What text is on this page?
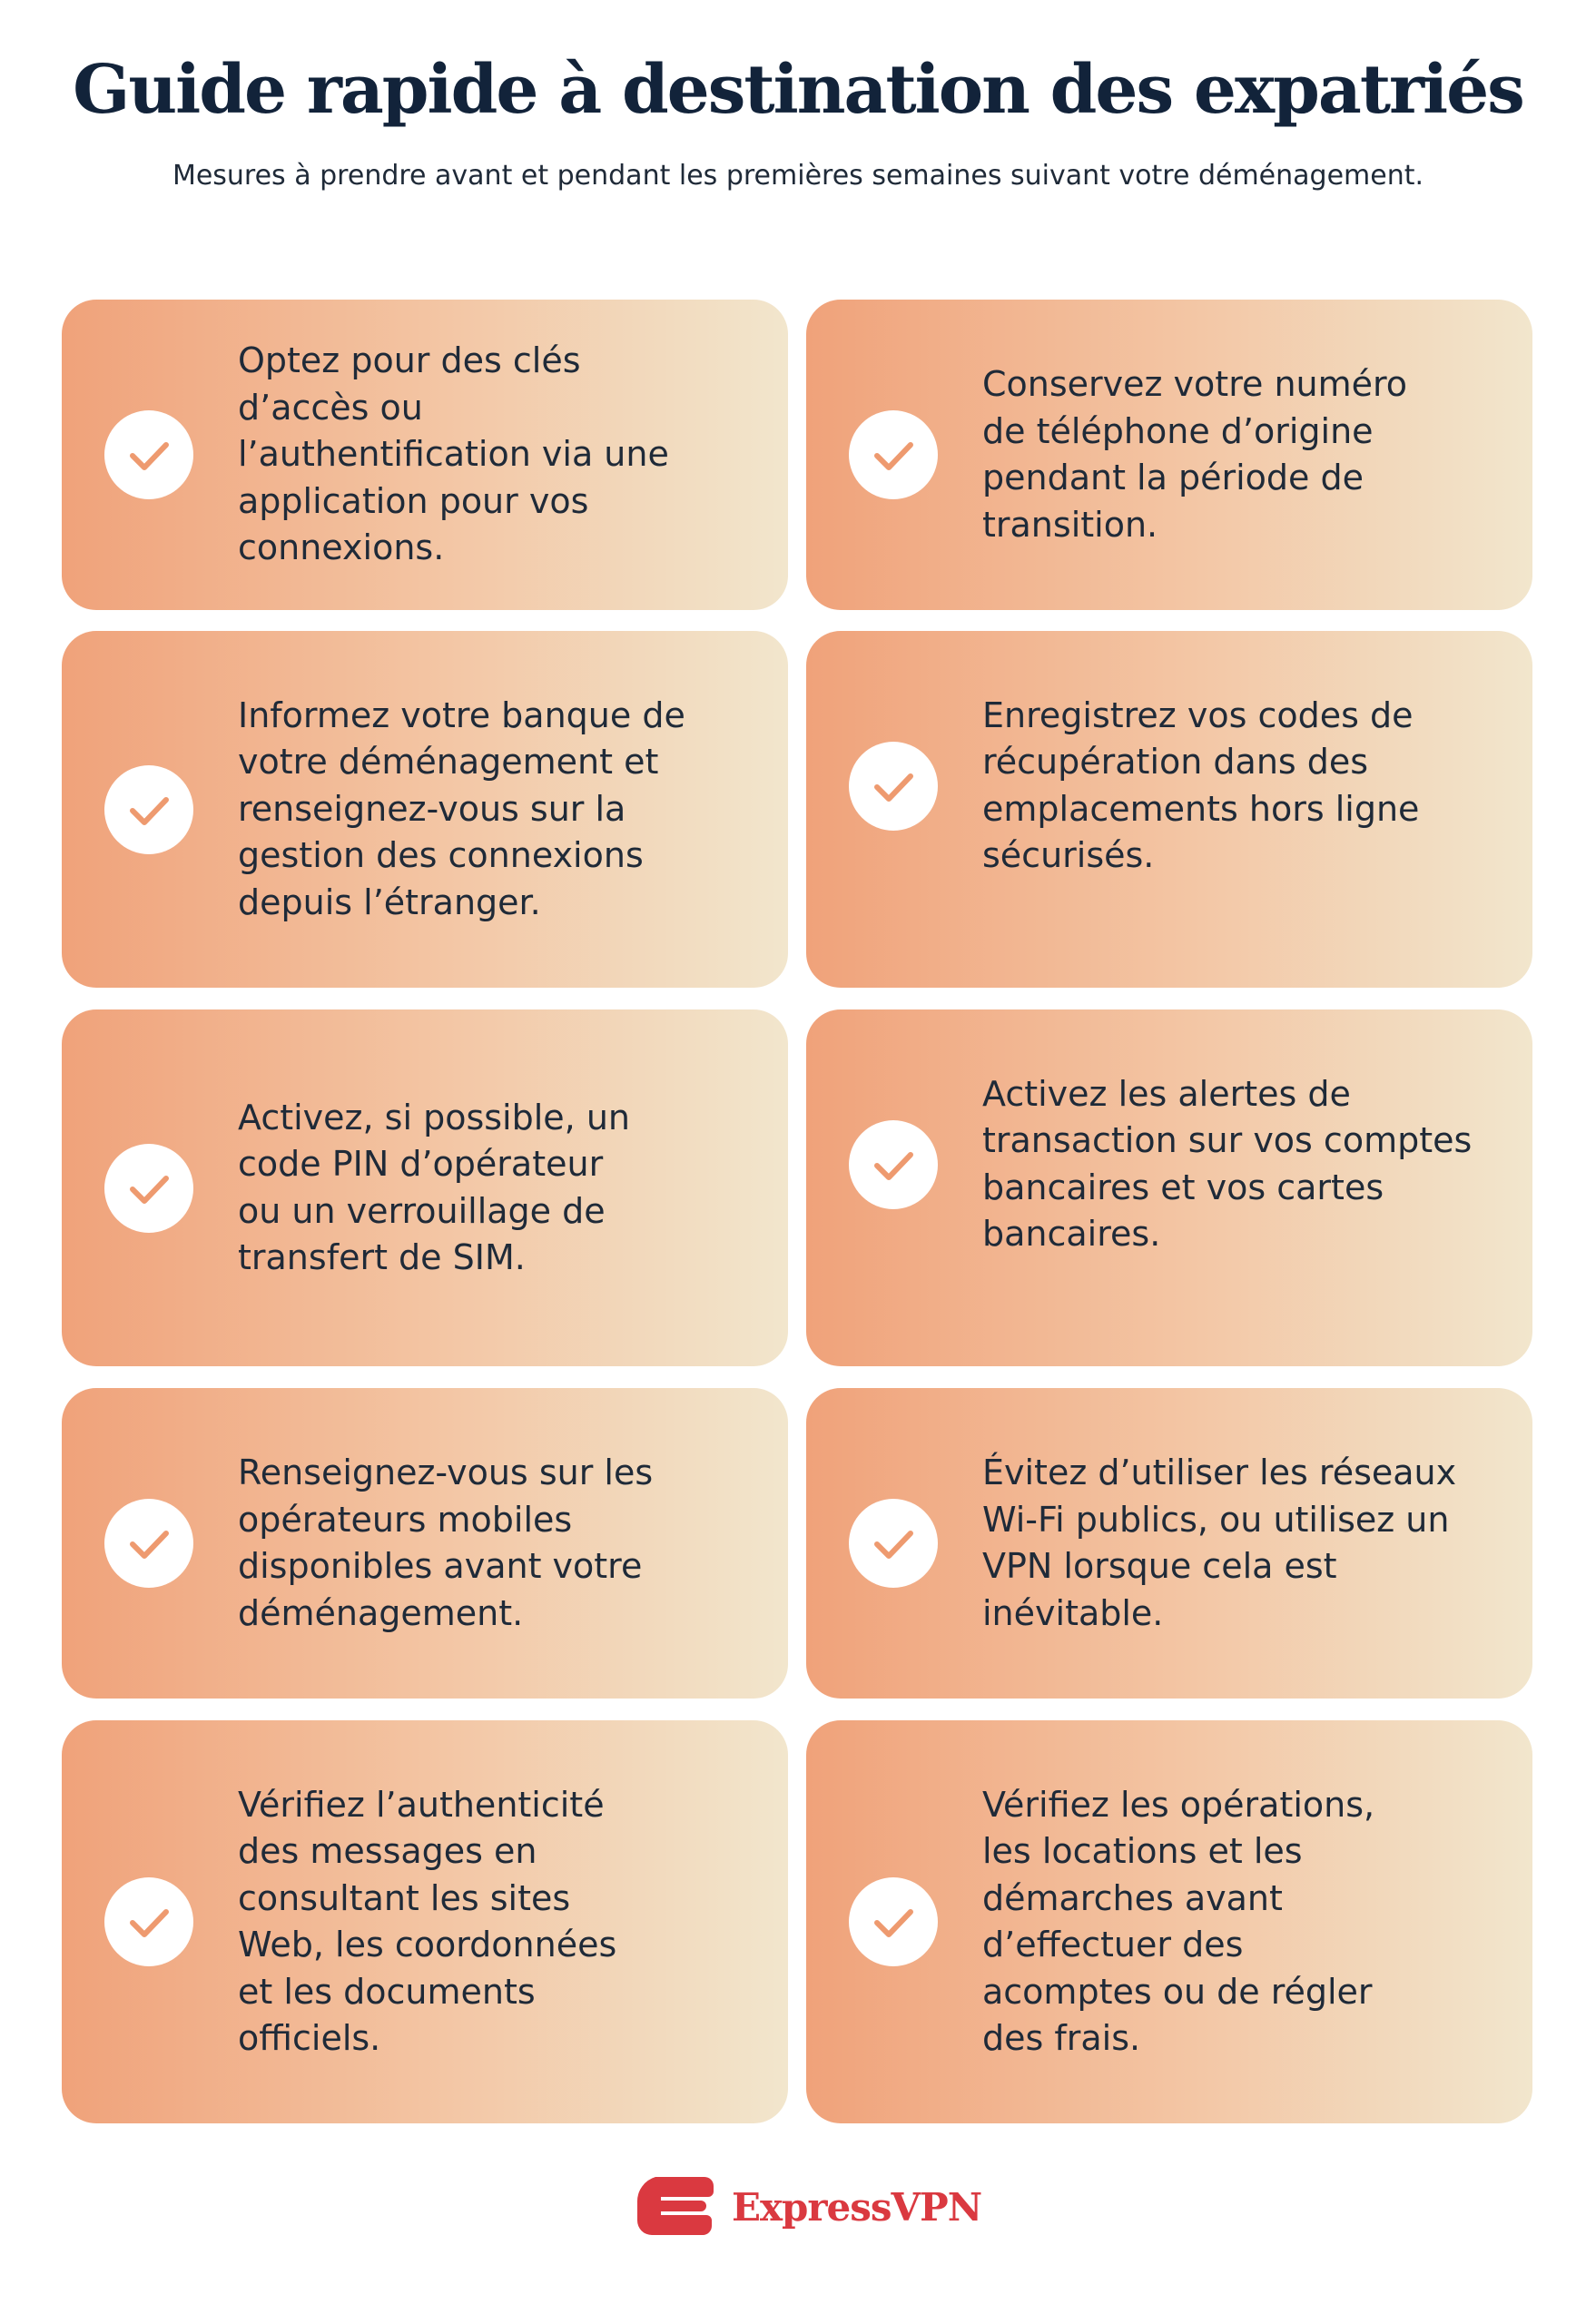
Guide rapide à destination des expatriés

Mesures à prendre avant et pendant les premières semaines suivant votre déménagement.

Optez pour des clés d’accès ou l’authentification via une application pour vos connexions.
Conservez votre numéro de téléphone d’origine pendant la période de transition.
Informez votre banque de votre déménagement et renseignez-vous sur la gestion des connexions depuis l’étranger.
Enregistrez vos codes de récupération dans des emplacements hors ligne sécurisés.
Activez, si possible, un code PIN d’opérateur ou un verrouillage de transfert de SIM.
Activez les alertes de transaction sur vos comptes bancaires et vos cartes bancaires.
Renseignez-vous sur les opérateurs mobiles disponibles avant votre déménagement.
Évitez d’utiliser les réseaux Wi-Fi publics, ou utilisez un VPN lorsque cela est inévitable.
Vérifiez l’authenticité des messages en consultant les sites Web, les coordonnées et les documents officiels.
Vérifiez les opérations, les locations et les démarches avant d’effectuer des acomptes ou de régler des frais.
ExpressVPN
